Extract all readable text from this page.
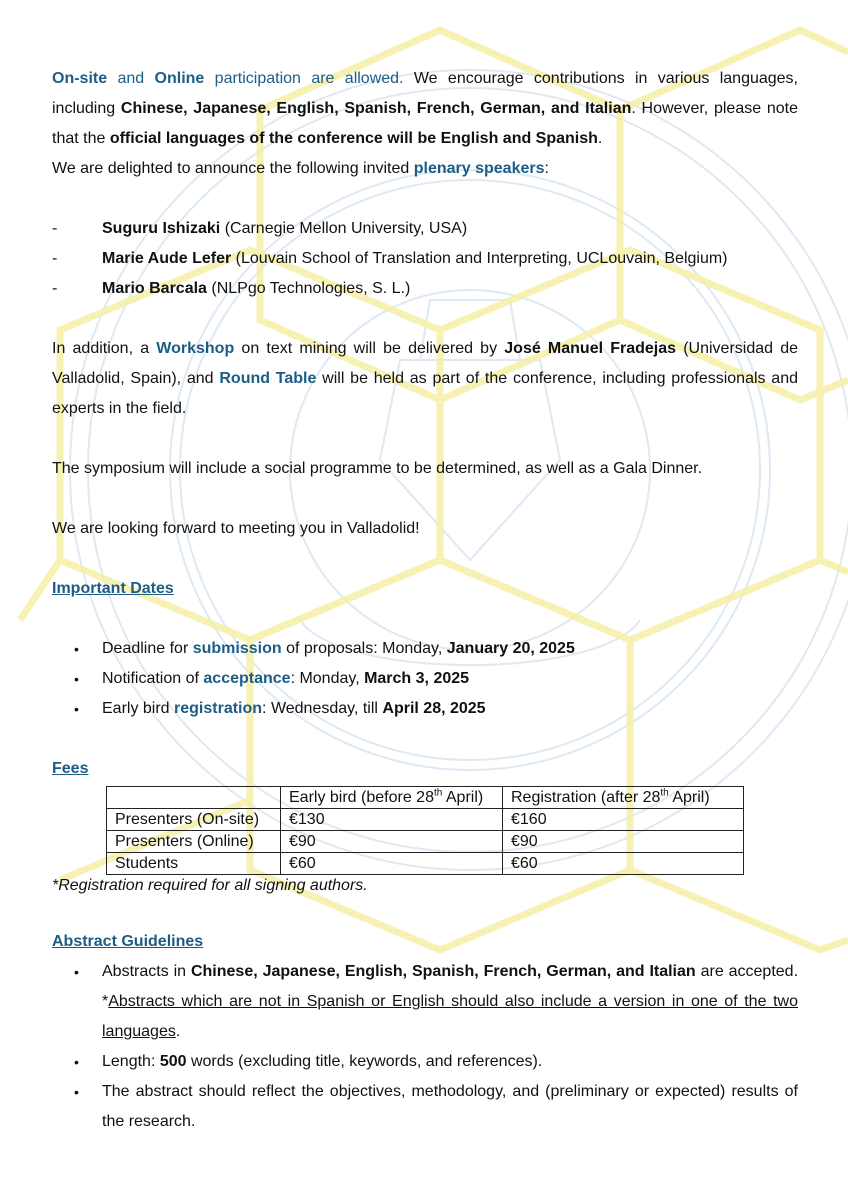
On-site and Online participation are allowed. We encourage contributions in various languages, including Chinese, Japanese, English, Spanish, French, German, and Italian. However, please note that the official languages of the conference will be English and Spanish.

We are delighted to announce the following invited plenary speakers:

-	Suguru Ishizaki (Carnegie Mellon University, USA)
-	Marie Aude Lefer (Louvain School of Translation and Interpreting, UCLouvain, Belgium)
-	Mario Barcala (NLPgo Technologies, S. L.)

In addition, a Workshop on text mining will be delivered by José Manuel Fradejas (Universidad de Valladolid, Spain), and Round Table will be held as part of the conference, including professionals and experts in the field.

The symposium will include a social programme to be determined, as well as a Gala Dinner.

We are looking forward to meeting you in Valladolid!

Important Dates
• Deadline for submission of proposals: Monday, January 20, 2025
• Notification of acceptance: Monday, March 3, 2025
• Early bird registration: Wednesday, till April 28, 2025
Fees
	Early bird (before 28th April)	Registration (after 28th April)
Presenters (On-site)	€130	€160
Presenters (Online)	€90	€90
Students	€60	€60

*Registration required for all signing authors.

Abstract Guidelines
• Abstracts in Chinese, Japanese, English, Spanish, French, German, and Italian are accepted. *Abstracts which are not in Spanish or English should also include a version in one of the two languages.
• Length: 500 words (excluding title, keywords, and references).
• The abstract should reflect the objectives, methodology, and (preliminary or expected) results of the research.
